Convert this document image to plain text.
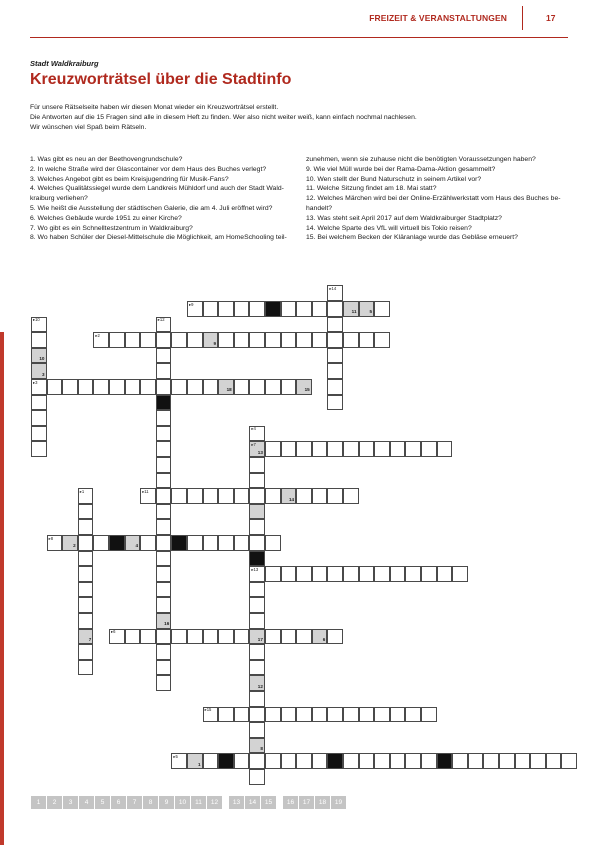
FREIZEIT & VERANSTALTUNGEN	17
Stadt Waldkraiburg
Kreuzworträtsel über die Stadtinfo
Für unsere Rätselseite haben wir diesen Monat wieder ein Kreuzworträtsel erstellt.
Die Antworten auf die 15 Fragen sind alle in diesem Heft zu finden. Wer also nicht weiter weiß, kann einfach nochmal nachlesen.
Wir wünschen viel Spaß beim Rätseln.
1. Was gibt es neu an der Beethovengrundschule?
2. In welche Straße wird der Glascontainer vor dem Haus des Buches verlegt?
3. Welches Angebot gibt es beim Kreisjugendring für Musik-Fans?
4. Welches Qualitätssiegel wurde dem Landkreis Mühldorf und auch der Stadt Wald-
kraiburg verliehen?
5. Wie heißt die Ausstellung der städtischen Galerie, die am 4. Juli eröffnet wird?
6. Welches Gebäude wurde 1951 zu einer Kirche?
7. Wo gibt es ein Schnelltestzentrum in Waldkraiburg?
8. Wo haben Schüler der Diesel-Mittelschule die Möglichkeit, am HomeSchooling teil-
zunehmen, wenn sie zuhause nicht die benötigten Voraussetzungen haben?
9. Wie viel Müll wurde bei der Rama-Dama-Aktion gesammelt?
10. Wen stellt der Bund Naturschutz in seinem Artikel vor?
11. Welche Sitzung findet am 18. Mai statt?
12. Welches Märchen wird bei der Online-Erzählwerkstatt vom Haus des Buches be-
handelt?
13. Was steht seit April 2017 auf dem Waldkraiburger Stadtplatz?
14. Welche Sparte des VfL will virtuell bis Tokio reisen?
15. Bei welchem Becken der Kläranlage wurde das Gebläse erneuert?
▸9
11	5
▸2
9
▸3
18	15
▸7
13
▸11
14
▸8
2	4
▸13
▸6
17	6
▸15
▸5
1
▸14
▸10
10
3
▸12
16
▸4
12
8
▸1
7
1	2	3	4	5	6	7	8	9	10	11	12	13	14	15	16	17	18	19
